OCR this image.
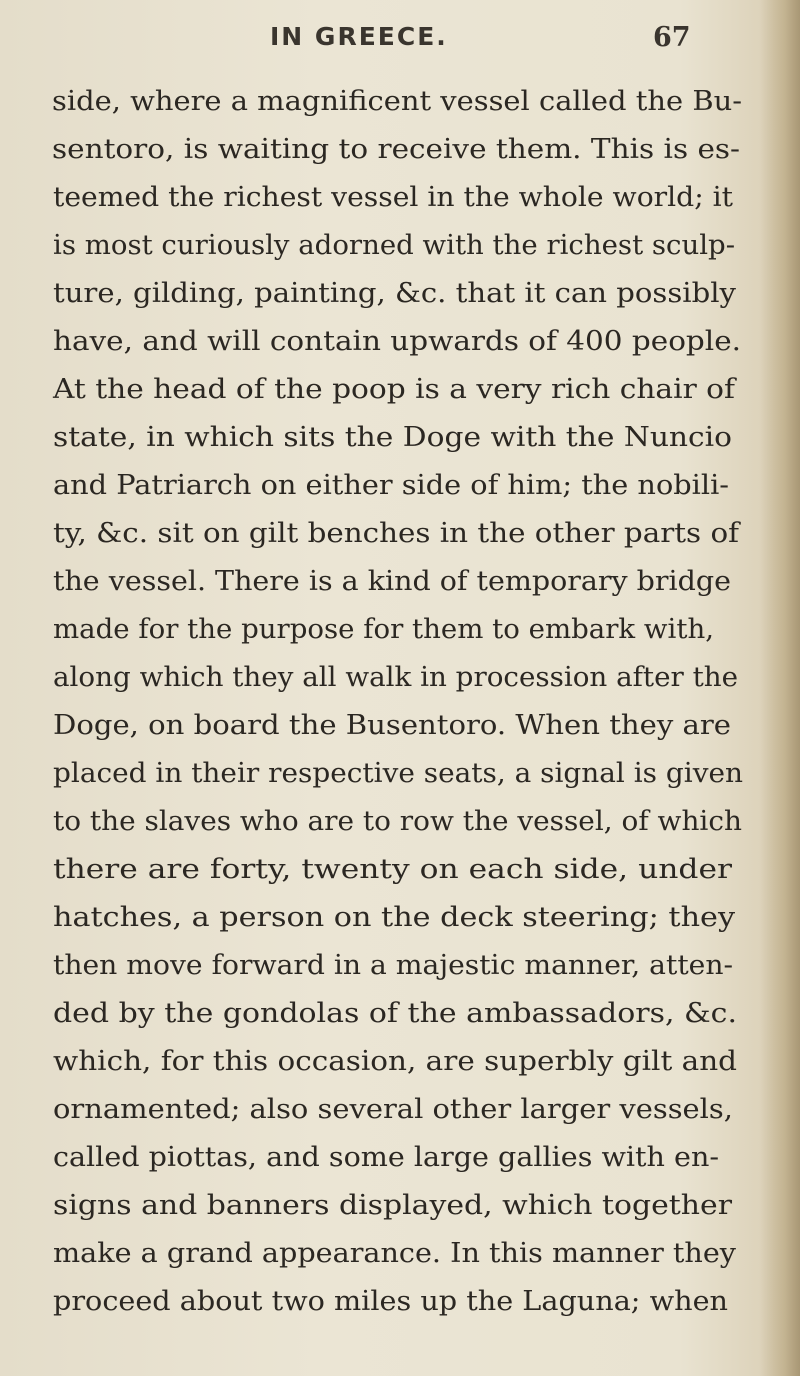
IN GREECE.	67
side, where a magnificent vessel called the Bu-
sentoro, is waiting to receive them. This is es-
teemed the richest vessel in the whole world; it
is most curiously adorned with the richest sculp-
ture, gilding, painting, &c. that it can possibly
have, and will contain upwards of 400 people.
At the head of the poop is a very rich chair of
state, in which sits the Doge with the Nuncio
and Patriarch on either side of him; the nobili-
ty, &c. sit on gilt benches in the other parts of
the vessel. There is a kind of temporary bridge
made for the purpose for them to embark with,
along which they all walk in procession after the
Doge, on board the Busentoro. When they are
placed in their respective seats, a signal is given
to the slaves who are to row the vessel, of which
there are forty, twenty on each side, under
hatches, a person on the deck steering; they
then move forward in a majestic manner, atten-
ded by the gondolas of the ambassadors, &c.
which, for this occasion, are superbly gilt and
ornamented; also several other larger vessels,
called piottas, and some large gallies with en-
signs and banners displayed, which together
make a grand appearance. In this manner they
proceed about two miles up the Laguna; when
